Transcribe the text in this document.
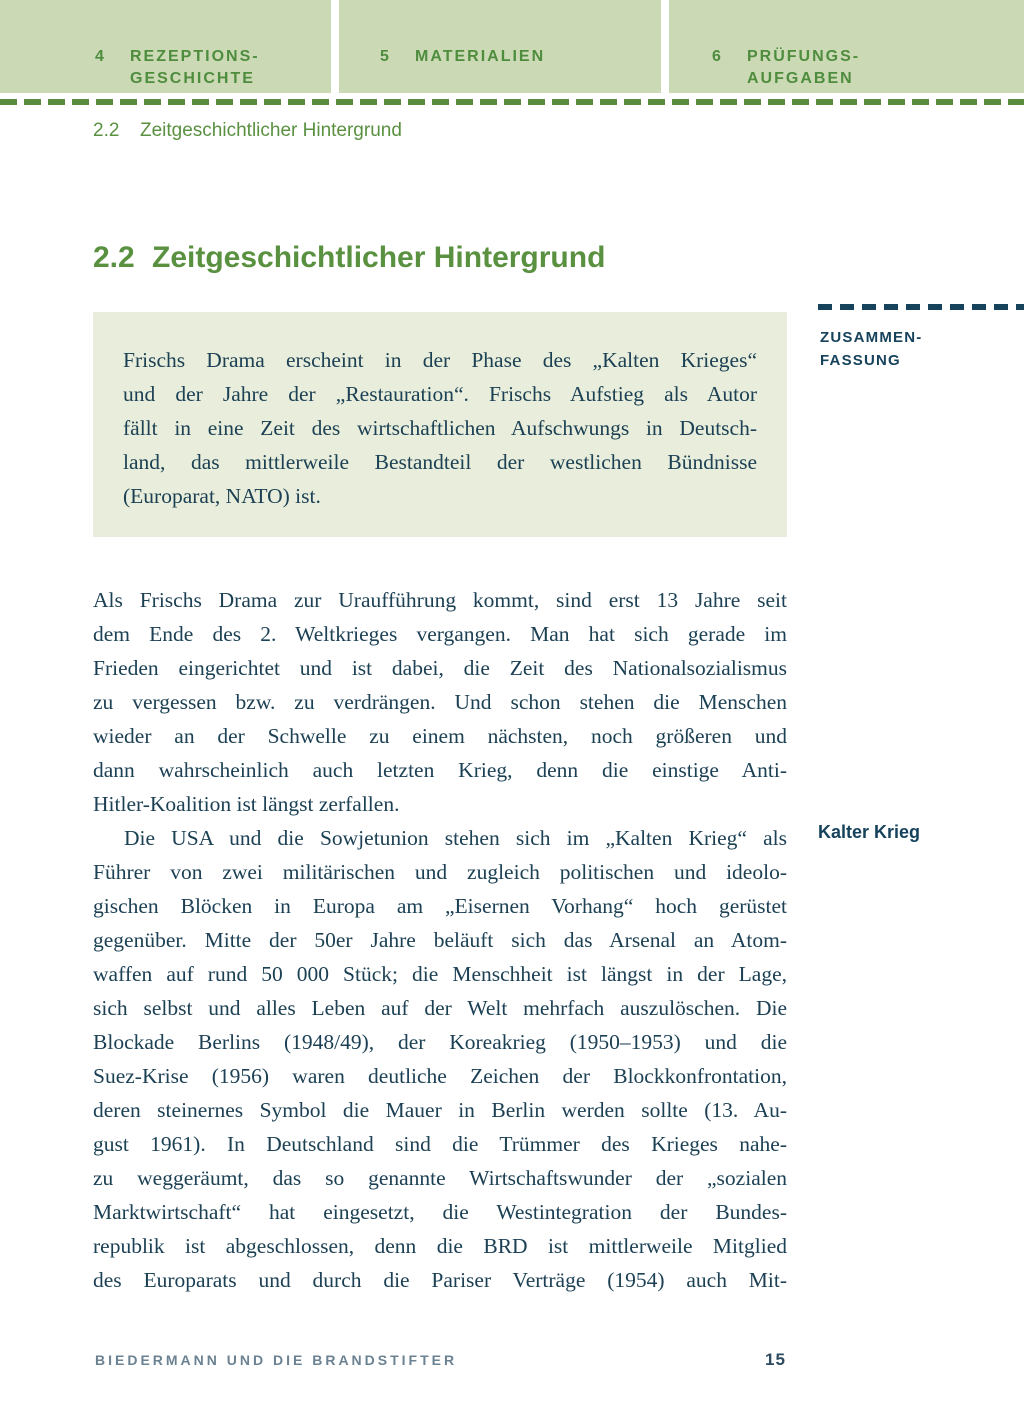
4	REZEPTIONS-
GESCHICHTE
5	MATERIALIEN	6	PRÜFUNGS-
AUFGABEN
2.2	Zeitgeschichtlicher Hintergrund
2.2 Zeitgeschichtlicher Hintergrund
Frischs Drama erscheint in der Phase des „Kalten Krieges“
und der Jahre der „Restauration“. Frischs Aufstieg als Autor
fällt in eine Zeit des wirtschaftlichen Aufschwungs in Deutsch-
land, das mittlerweile Bestandteil der westlichen Bündnisse
(Europarat, NATO) ist.
ZUSAMMEN-
FASSUNG
Kalter Krieg
Als Frischs Drama zur Uraufführung kommt, sind erst 13 Jahre seit
dem Ende des 2. Weltkrieges vergangen. Man hat sich gerade im
Frieden eingerichtet und ist dabei, die Zeit des Nationalsozialismus
zu vergessen bzw. zu verdrängen. Und schon stehen die Menschen
wieder an der Schwelle zu einem nächsten, noch größeren und
dann wahrscheinlich auch letzten Krieg, denn die einstige Anti-
Hitler-Koalition ist längst zerfallen.
Die USA und die Sowjetunion stehen sich im „Kalten Krieg“ als
Führer von zwei militärischen und zugleich politischen und ideolo-
gischen Blöcken in Europa am „Eisernen Vorhang“ hoch gerüstet
gegenüber. Mitte der 50er Jahre beläuft sich das Arsenal an Atom-
waffen auf rund 50 000 Stück; die Menschheit ist längst in der Lage,
sich selbst und alles Leben auf der Welt mehrfach auszulöschen. Die
Blockade Berlins (1948/49), der Koreakrieg (1950–1953) und die
Suez-Krise (1956) waren deutliche Zeichen der Blockkonfrontation,
deren steinernes Symbol die Mauer in Berlin werden sollte (13. Au-
gust 1961). In Deutschland sind die Trümmer des Krieges nahe-
zu weggeräumt, das so genannte Wirtschaftswunder der „sozialen
Marktwirtschaft“ hat eingesetzt, die Westintegration der Bundes-
republik ist abgeschlossen, denn die BRD ist mittlerweile Mitglied
des Europarats und durch die Pariser Verträge (1954) auch Mit-
BIEDERMANN UND DIE BRANDSTIFTER	15
